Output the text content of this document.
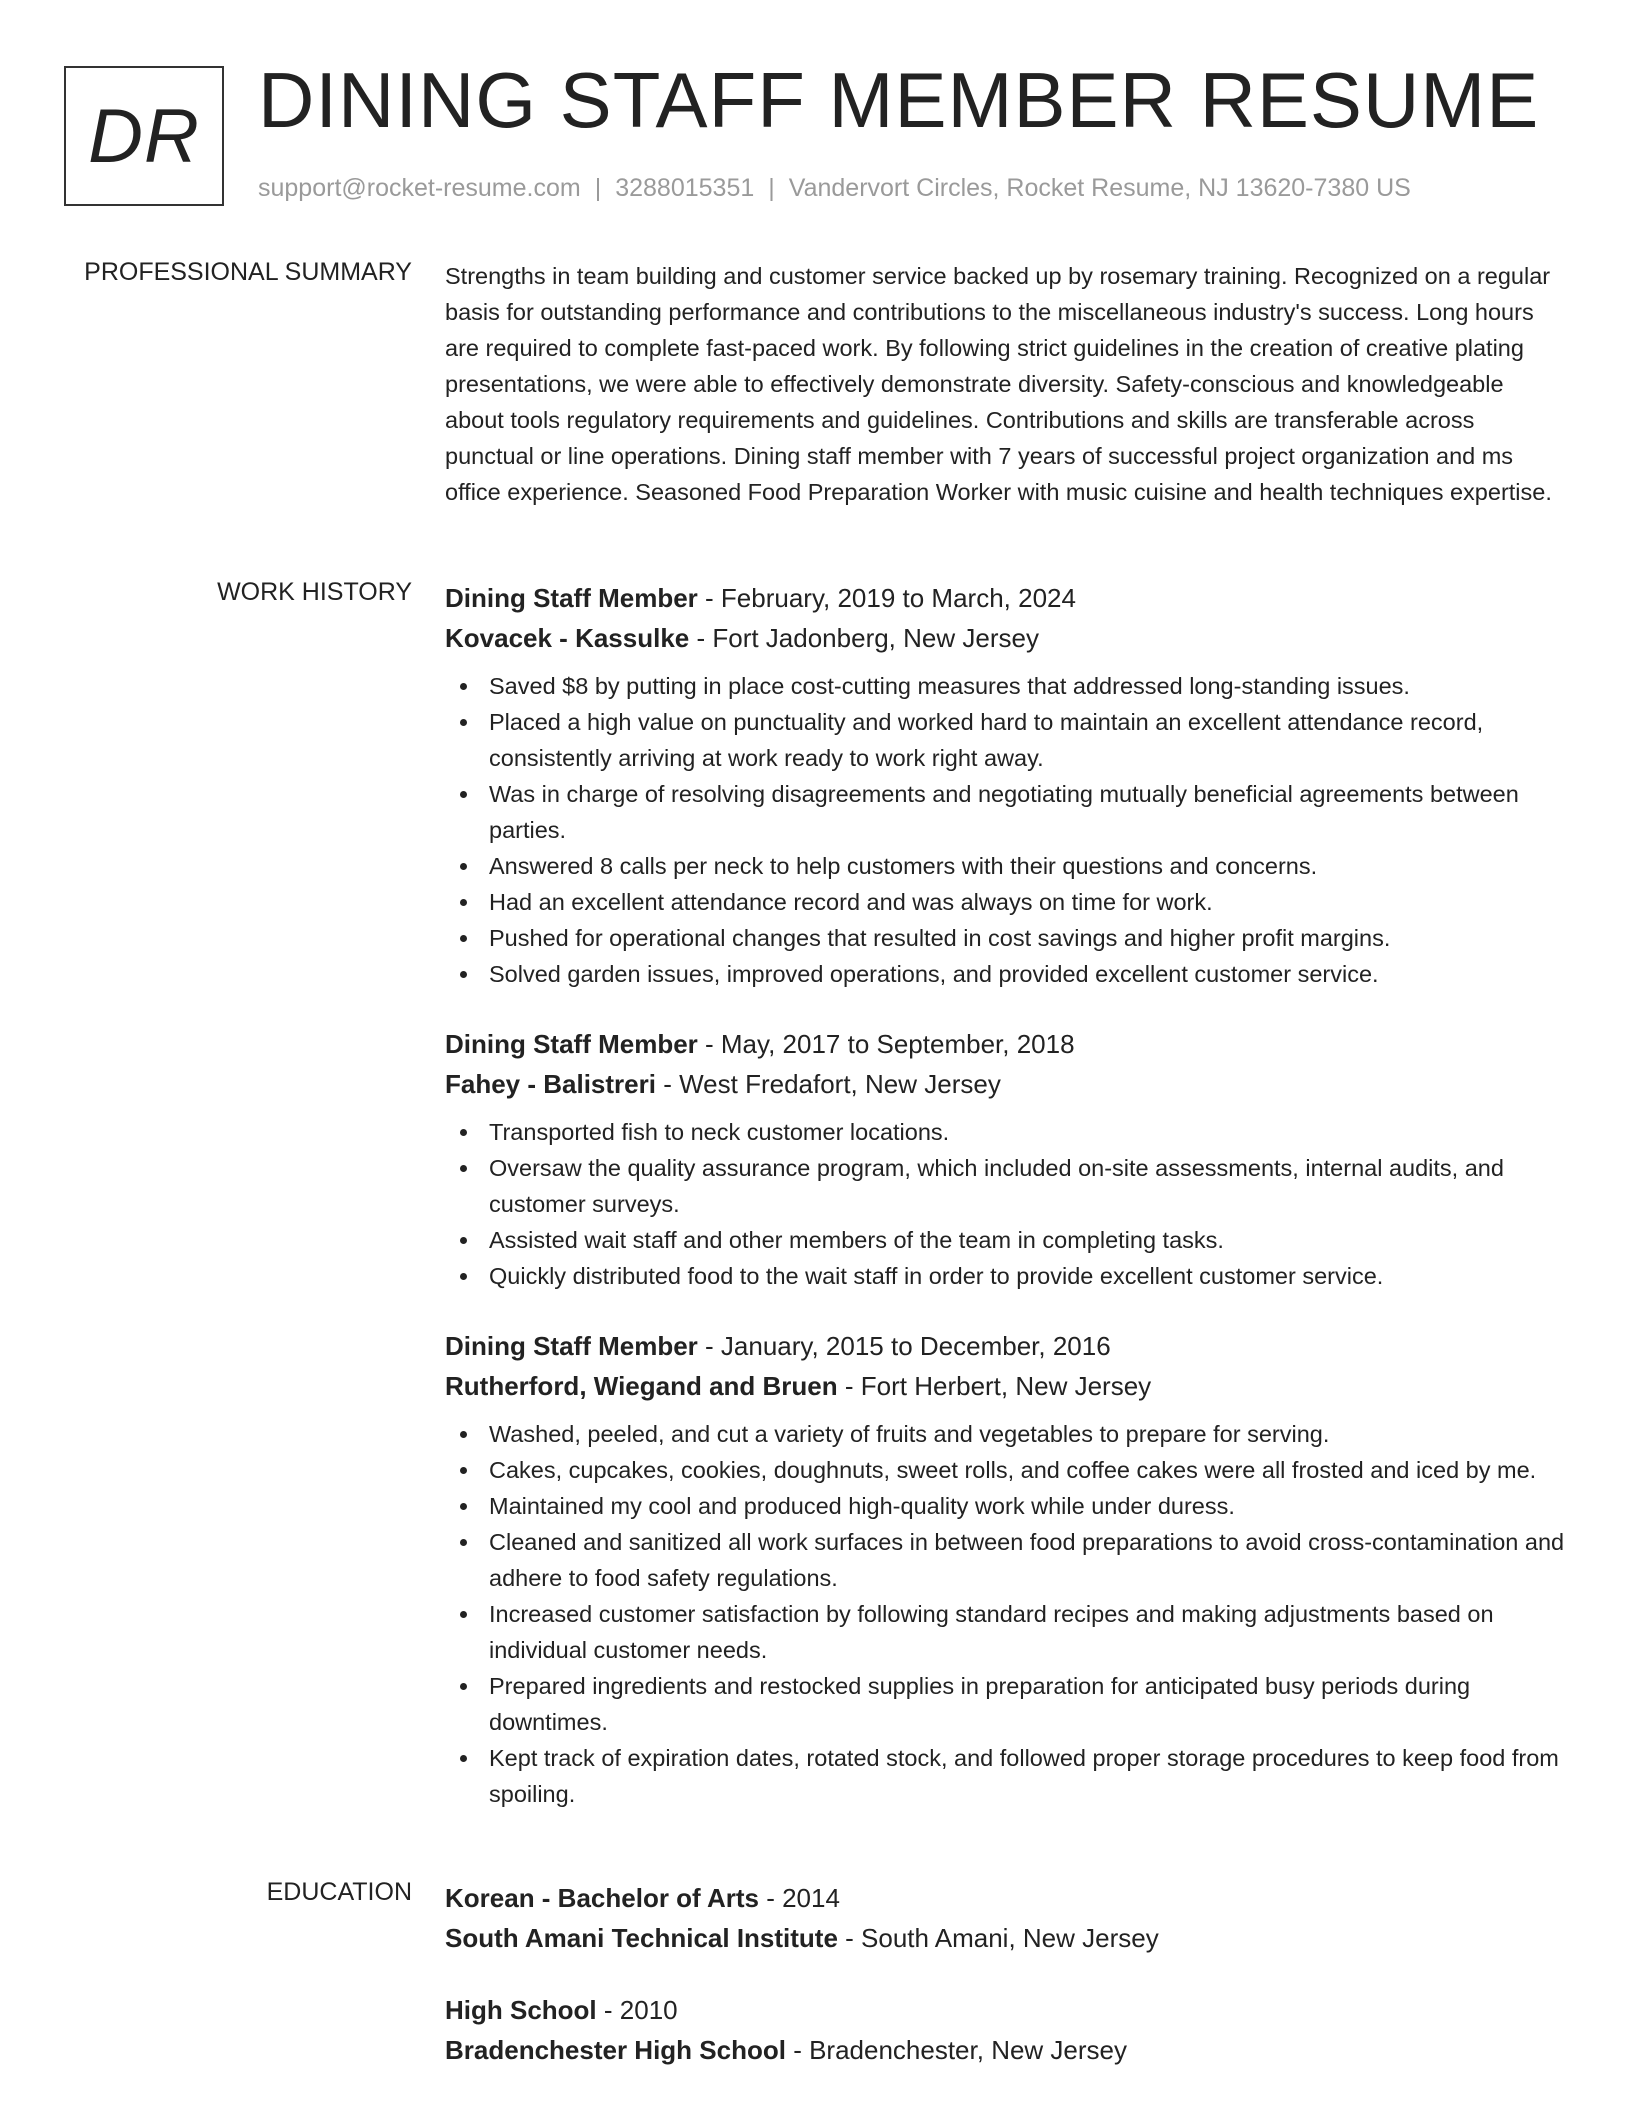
DR DINING STAFF MEMBER RESUME
support@rocket-resume.com | 3288015351 | Vandervort Circles, Rocket Resume, NJ 13620-7380 US
PROFESSIONAL SUMMARY Strengths in team building and customer service backed up by rosemary training. Recognized on a regular basis for outstanding performance and contributions to the miscellaneous industry's success. Long hours are required to complete fast-paced work. By following strict guidelines in the creation of creative plating presentations, we were able to effectively demonstrate diversity. Safety-conscious and knowledgeable about tools regulatory requirements and guidelines. Contributions and skills are transferable across punctual or line operations. Dining staff member with 7 years of successful project organization and ms office experience. Seasoned Food Preparation Worker with music cuisine and health techniques expertise.

WORK HISTORY Dining Staff Member - February, 2019 to March, 2024
Kovacek - Kassulke - Fort Jadonberg, New Jersey
Saved $8 by putting in place cost-cutting measures that addressed long-standing issues.
Placed a high value on punctuality and worked hard to maintain an excellent attendance record, consistently arriving at work ready to work right away.
Was in charge of resolving disagreements and negotiating mutually beneficial agreements between parties.
Answered 8 calls per neck to help customers with their questions and concerns.
Had an excellent attendance record and was always on time for work.
Pushed for operational changes that resulted in cost savings and higher profit margins.
Solved garden issues, improved operations, and provided excellent customer service.
Dining Staff Member - May, 2017 to September, 2018
Fahey - Balistreri - West Fredafort, New Jersey
Transported fish to neck customer locations.
Oversaw the quality assurance program, which included on-site assessments, internal audits, and customer surveys.
Assisted wait staff and other members of the team in completing tasks.
Quickly distributed food to the wait staff in order to provide excellent customer service.
Dining Staff Member - January, 2015 to December, 2016
Rutherford, Wiegand and Bruen - Fort Herbert, New Jersey
Washed, peeled, and cut a variety of fruits and vegetables to prepare for serving.
Cakes, cupcakes, cookies, doughnuts, sweet rolls, and coffee cakes were all frosted and iced by me.
Maintained my cool and produced high-quality work while under duress.
Cleaned and sanitized all work surfaces in between food preparations to avoid cross-contamination and adhere to food safety regulations.
Increased customer satisfaction by following standard recipes and making adjustments based on individual customer needs.
Prepared ingredients and restocked supplies in preparation for anticipated busy periods during downtimes.
Kept track of expiration dates, rotated stock, and followed proper storage procedures to keep food from spoiling.
EDUCATION Korean - Bachelor of Arts - 2014
South Amani Technical Institute - South Amani, New Jersey
High School - 2010
Bradenchester High School - Bradenchester, New Jersey
